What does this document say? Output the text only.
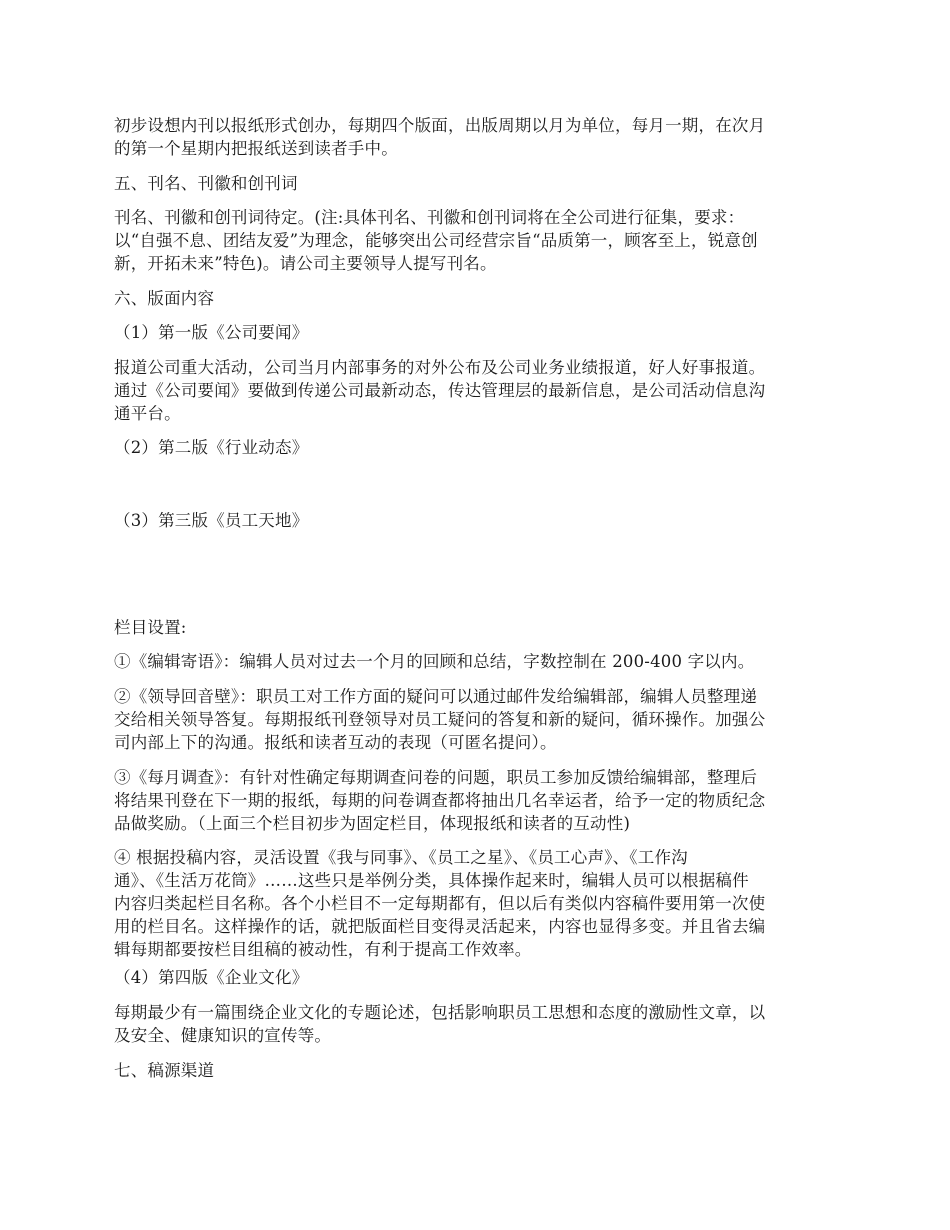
初步设想内刊以报纸形式创办，每期四个版面，出版周期以月为单位，每月一期，在次月
的第一个星期内把报纸送到读者手中。

五、刊名、刊徽和创刊词

刊名、刊徽和创刊词待定。(注:具体刊名、刊徽和创刊词将在全公司进行征集，要求：
以“自强不息、团结友爱”为理念，能够突出公司经营宗旨“品质第一，顾客至上，锐意创
新，开拓未来”特色)。请公司主要领导人提写刊名。

六、版面内容

（1）第一版《公司要闻》

报道公司重大活动，公司当月内部事务的对外公布及公司业务业绩报道，好人好事报道。
通过《公司要闻》要做到传递公司最新动态，传达管理层的最新信息，是公司活动信息沟
通平台。

（2）第二版《行业动态》

（3）第三版《员工天地》

栏目设置:

①《编辑寄语》：编辑人员对过去一个月的回顾和总结，字数控制在 200-400 字以内。

②《领导回音壁》：职员工对工作方面的疑问可以通过邮件发给编辑部，编辑人员整理递
交给相关领导答复。每期报纸刊登领导对员工疑问的答复和新的疑问，循环操作。加强公
司内部上下的沟通。报纸和读者互动的表现（可匿名提问）。

③《每月调查》：有针对性确定每期调查问卷的问题，职员工参加反馈给编辑部，整理后
将结果刊登在下一期的报纸，每期的问卷调查都将抽出几名幸运者，给予一定的物质纪念
品做奖励。（上面三个栏目初步为固定栏目，体现报纸和读者的互动性)

④ 根据投稿内容，灵活设置《我与同事》、《员工之星》、《员工心声》、《工作沟
通》、《生活万花筒》……这些只是举例分类，具体操作起来时，编辑人员可以根据稿件
内容归类起栏目名称。各个小栏目不一定每期都有，但以后有类似内容稿件要用第一次使
用的栏目名。这样操作的话，就把版面栏目变得灵活起来，内容也显得多变。并且省去编
辑每期都要按栏目组稿的被动性，有利于提高工作效率。

（4）第四版《企业文化》

每期最少有一篇围绕企业文化的专题论述，包括影响职员工思想和态度的激励性文章，以
及安全、健康知识的宣传等。

七、稿源渠道
